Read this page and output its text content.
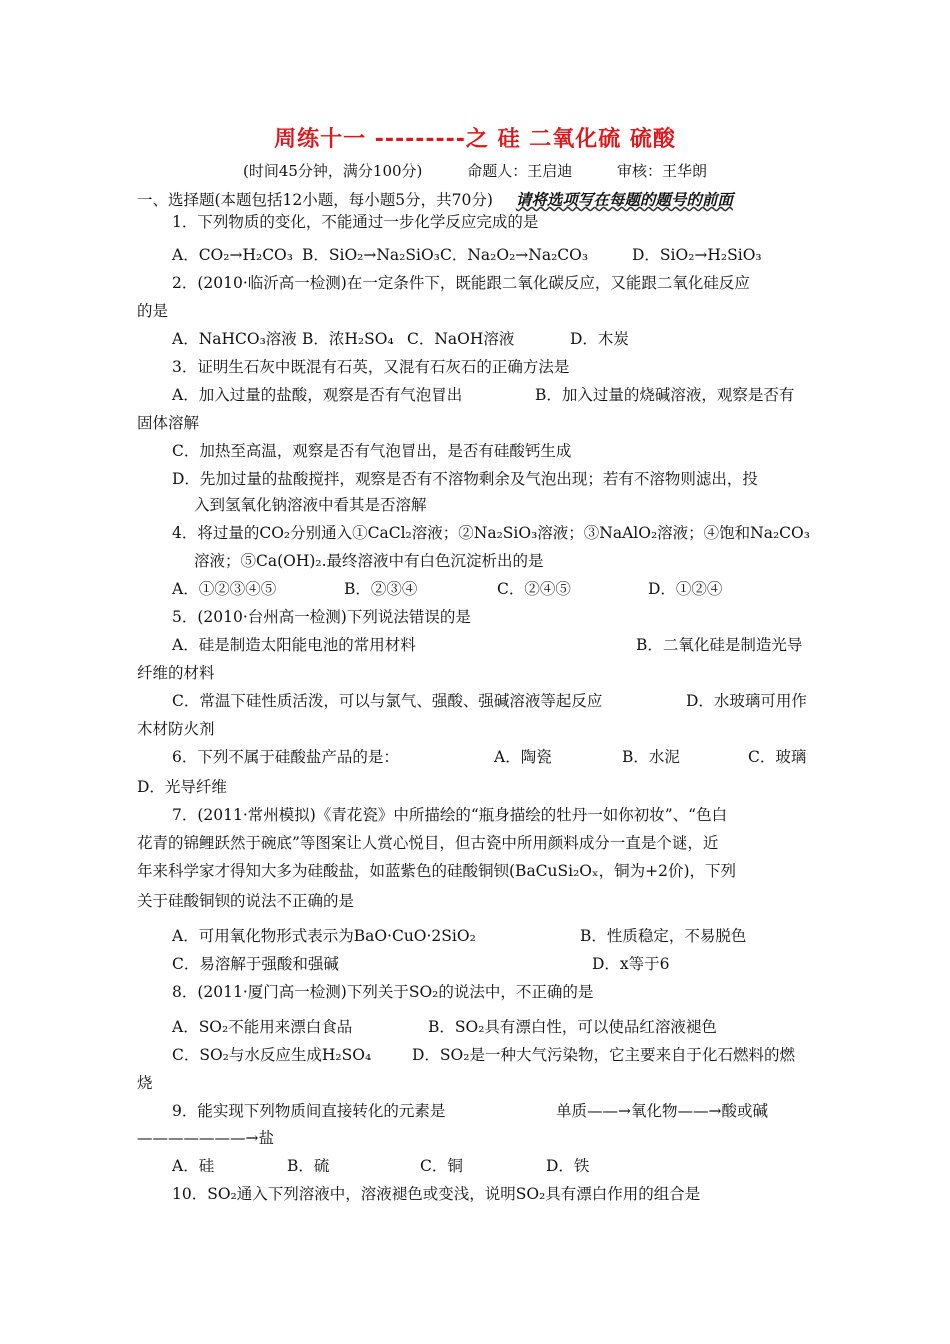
周练十一 ---------之 硅 二氧化硫 硫酸
(时间45分钟，满分100分)	命题人：王启迪	审核：王华朗
一、选择题(本题包括12小题，每小题5分，共70分) 请将选项写在每题的题号的前面
1．下列物质的变化，不能通过一步化学反应完成的是
A．CO₂→H₂CO₃ B．SiO₂→Na₂SiO₃ C．Na₂O₂→Na₂CO₃	D．SiO₂→H₂SiO₃
2．(2010·临沂高一检测)在一定条件下，既能跟二氧化碳反应，又能跟二氧化硅反应
的是
A．NaHCO₃溶液 B．浓H₂SO₄ C．NaOH溶液	D．木炭
3．证明生石灰中既混有石英，又混有石灰石的正确方法是
A．加入过量的盐酸，观察是否有气泡冒出	B．加入过量的烧碱溶液，观察是否有
固体溶解
C．加热至高温，观察是否有气泡冒出，是否有硅酸钙生成
D．先加过量的盐酸搅拌，观察是否有不溶物剩余及气泡出现；若有不溶物则滤出，投
入到氢氧化钠溶液中看其是否溶解
4．将过量的CO₂分别通入①CaCl₂溶液；②Na₂SiO₃溶液；③NaAlO₂溶液；④饱和Na₂CO₃
溶液；⑤Ca(OH)₂.最终溶液中有白色沉淀析出的是
A．①②③④⑤	B．②③④	C．②④⑤	D．①②④
5．(2010·台州高一检测)下列说法错误的是
A．硅是制造太阳能电池的常用材料	B．二氧化硅是制造光导
纤维的材料
C．常温下硅性质活泼，可以与氯气、强酸、强碱溶液等起反应	D．水玻璃可用作
木材防火剂
6．下列不属于硅酸盐产品的是：	A．陶瓷	B．水泥	C．玻璃
D．光导纤维
7．(2011·常州模拟)《青花瓷》中所描绘的“瓶身描绘的牡丹一如你初妆”、“色白
花青的锦鲤跃然于碗底”等图案让人赏心悦目，但古瓷中所用颜料成分一直是个谜，近
年来科学家才得知大多为硅酸盐，如蓝紫色的硅酸铜钡(BaCuSi₂Oₓ，铜为+2价)，下列
关于硅酸铜钡的说法不正确的是
A．可用氧化物形式表示为BaO·CuO·2SiO₂	B．性质稳定，不易脱色
C．易溶解于强酸和强碱	D．x等于6
8．(2011·厦门高一检测)下列关于SO₂的说法中，不正确的是
A．SO₂不能用来漂白食品	B．SO₂具有漂白性，可以使品红溶液褪色
C．SO₂与水反应生成H₂SO₄	D．SO₂是一种大气污染物，它主要来自于化石燃料的燃
烧
9．能实现下列物质间直接转化的元素是	单质——→氧化物——→酸或碱
———————→盐
A．硅	B．硫	C．铜	D．铁
10．SO₂通入下列溶液中，溶液褪色或变浅，说明SO₂具有漂白作用的组合是
